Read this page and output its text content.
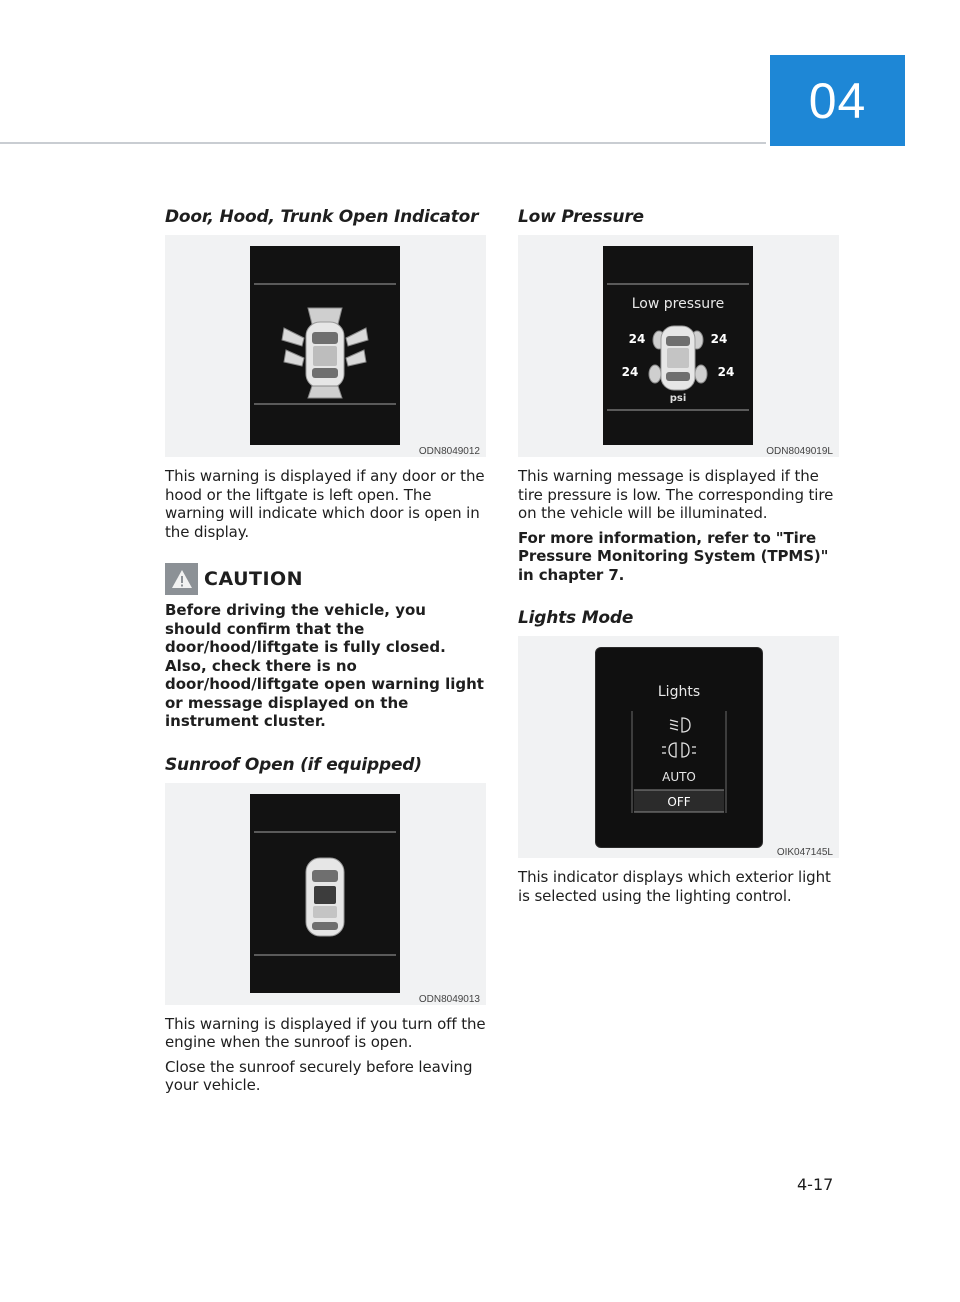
04
Door, Hood, Trunk Open Indicator
ODN8049012

This warning is displayed if any door or the hood or the liftgate is left open. The warning will indicate which door is open in the display.

CAUTION

Before driving the vehicle, you should confirm that the door/hood/liftgate is fully closed. Also, check there is no door/hood/liftgate open warning light or message displayed on the instrument cluster.

Sunroof Open (if equipped)
ODN8049013

This warning is displayed if you turn off the engine when the sunroof is open.

Close the sunroof securely before leaving your vehicle.

Low Pressure
Low pressure
24	24
24	24
psi
ODN8049019L

This warning message is displayed if the tire pressure is low. The corresponding tire on the vehicle will be illuminated.

For more information, refer to "Tire Pressure Monitoring System (TPMS)" in chapter 7.

Lights Mode
Lights
AUTO
OFF
OIK047145L

This indicator displays which exterior light is selected using the lighting control.

4-17
